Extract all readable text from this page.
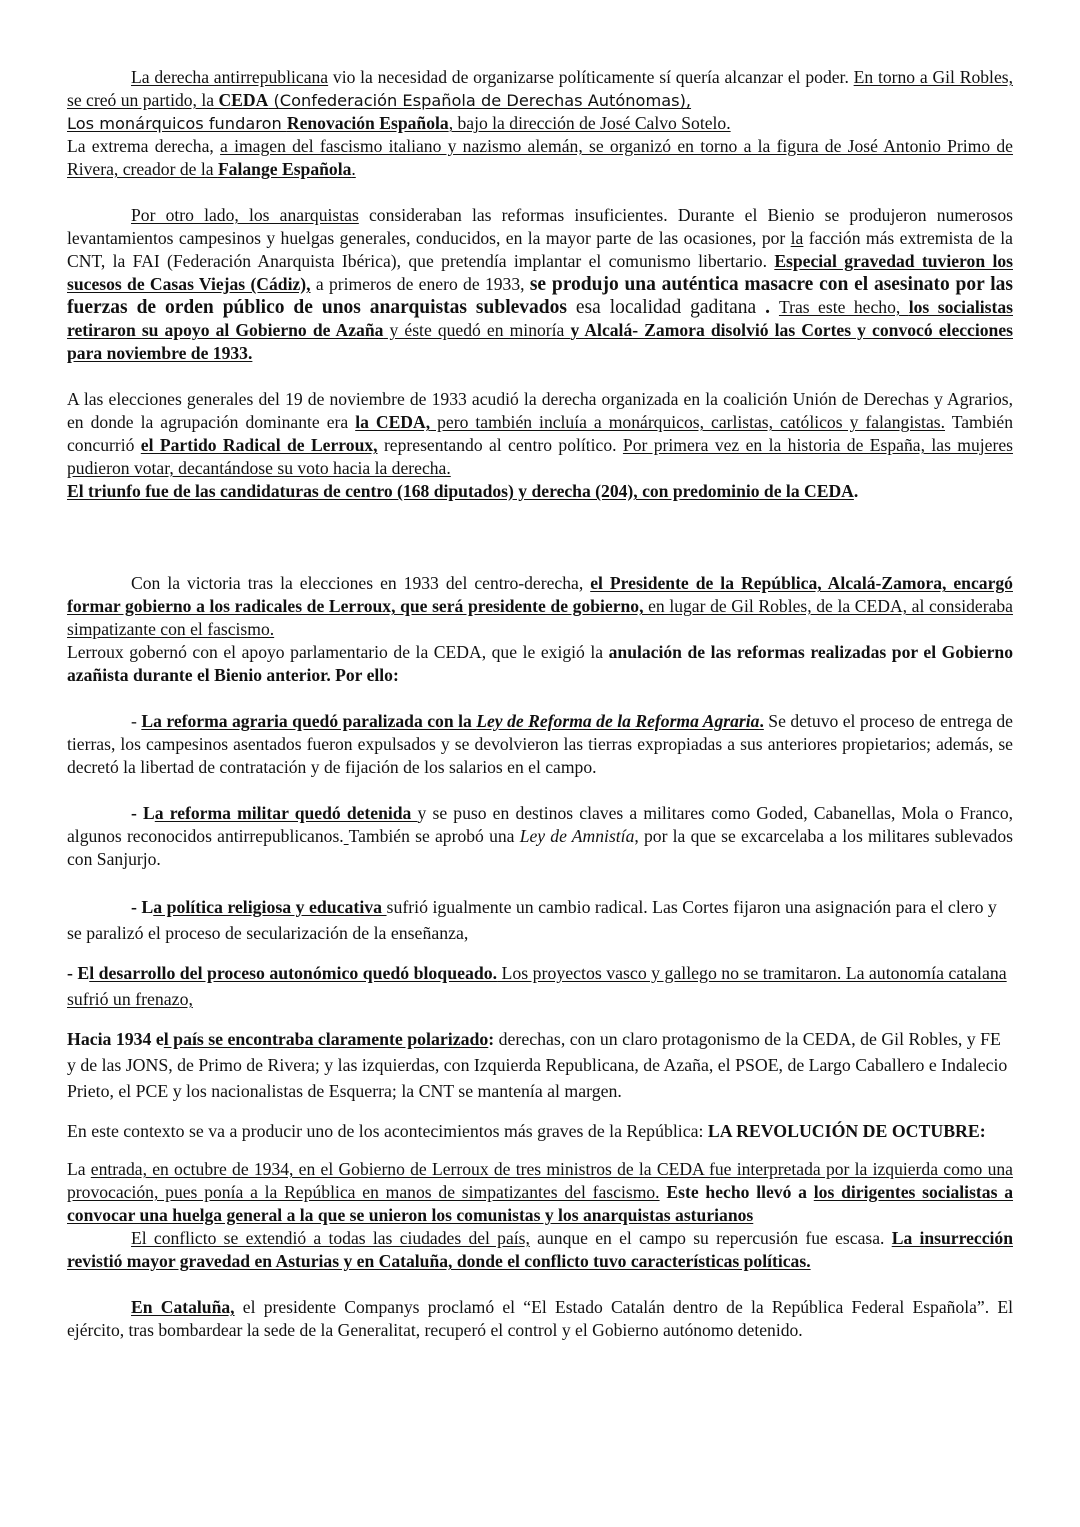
La derecha antirrepublicana vio la necesidad de organizarse políticamente sí quería alcanzar el poder. En torno a Gil Robles, se creó un partido, la CEDA (Confederación Española de Derechas Autónomas),

Los monárquicos fundaron Renovación Española, bajo la dirección de José Calvo Sotelo.

La extrema derecha, a imagen del fascismo italiano y nazismo alemán, se organizó en torno a la figura de José Antonio Primo de Rivera, creador de la Falange Española.

Por otro lado, los anarquistas consideraban las reformas insuficientes. Durante el Bienio se produjeron numerosos levantamientos campesinos y huelgas generales, conducidos, en la mayor parte de las ocasiones, por la facción más extremista de la CNT, la FAI (Federación Anarquista Ibérica), que pretendía implantar el comunismo libertario. Especial gravedad tuvieron los sucesos de Casas Viejas (Cádiz), a primeros de enero de 1933, se produjo una auténtica masacre con el asesinato por las fuerzas de orden público de unos anarquistas sublevados esa localidad gaditana . Tras este hecho, los socialistas retiraron su apoyo al Gobierno de Azaña y éste quedó en minoría y Alcalá- Zamora disolvió las Cortes y convocó elecciones para noviembre de 1933.

A las elecciones generales del 19 de noviembre de 1933 acudió la derecha organizada en la coalición Unión de Derechas y Agrarios, en donde la agrupación dominante era la CEDA, pero también incluía a monárquicos, carlistas, católicos y falangistas. También concurrió el Partido Radical de Lerroux, representando al centro político. Por primera vez en la historia de España, las mujeres pudieron votar, decantándose su voto hacia la derecha.

El triunfo fue de las candidaturas de centro (168 diputados) y derecha (204), con predominio de la CEDA.

Con la victoria tras la elecciones en 1933 del centro-derecha, el Presidente de la República, Alcalá-Zamora, encargó formar gobierno a los radicales de Lerroux, que será presidente de gobierno, en lugar de Gil Robles, de la CEDA, al consideraba simpatizante con el fascismo.

Lerroux gobernó con el apoyo parlamentario de la CEDA, que le exigió la anulación de las reformas realizadas por el Gobierno azañista durante el Bienio anterior. Por ello:

- La reforma agraria quedó paralizada con la Ley de Reforma de la Reforma Agraria. Se detuvo el proceso de entrega de tierras, los campesinos asentados fueron expulsados y se devolvieron las tierras expropiadas a sus anteriores propietarios; además, se decretó la libertad de contratación y de fijación de los salarios en el campo.

- La reforma militar quedó detenida y se puso en destinos claves a militares como Goded, Cabanellas, Mola o Franco, algunos reconocidos antirrepublicanos. También se aprobó una Ley de Amnistía, por la que se excarcelaba a los militares sublevados con Sanjurjo.

- La política religiosa y educativa sufrió igualmente un cambio radical. Las Cortes fijaron una asignación para el clero y se paralizó el proceso de secularización de la enseñanza,

- El desarrollo del proceso autonómico quedó bloqueado. Los proyectos vasco y gallego no se tramitaron. La autonomía catalana sufrió un frenazo,

Hacia 1934 el país se encontraba claramente polarizado: derechas, con un claro protagonismo de la CEDA, de Gil Robles, y FE y de las JONS, de Primo de Rivera; y las izquierdas, con Izquierda Republicana, de Azaña, el PSOE, de Largo Caballero e Indalecio Prieto, el PCE y los nacionalistas de Esquerra; la CNT se mantenía al margen.

En este contexto se va a producir uno de los acontecimientos más graves de la República: LA REVOLUCIÓN DE OCTUBRE:

La entrada, en octubre de 1934, en el Gobierno de Lerroux de tres ministros de la CEDA fue interpretada por la izquierda como una provocación, pues ponía a la República en manos de simpatizantes del fascismo. Este hecho llevó a los dirigentes socialistas a convocar una huelga general a la que se unieron los comunistas y los anarquistas asturianos

El conflicto se extendió a todas las ciudades del país, aunque en el campo su repercusión fue escasa. La insurrección revistió mayor gravedad en Asturias y en Cataluña, donde el conflicto tuvo características políticas.

En Cataluña, el presidente Companys proclamó el “El Estado Catalán dentro de la República Federal Española”. El ejército, tras bombardear la sede de la Generalitat, recuperó el control y el Gobierno autónomo detenido.
